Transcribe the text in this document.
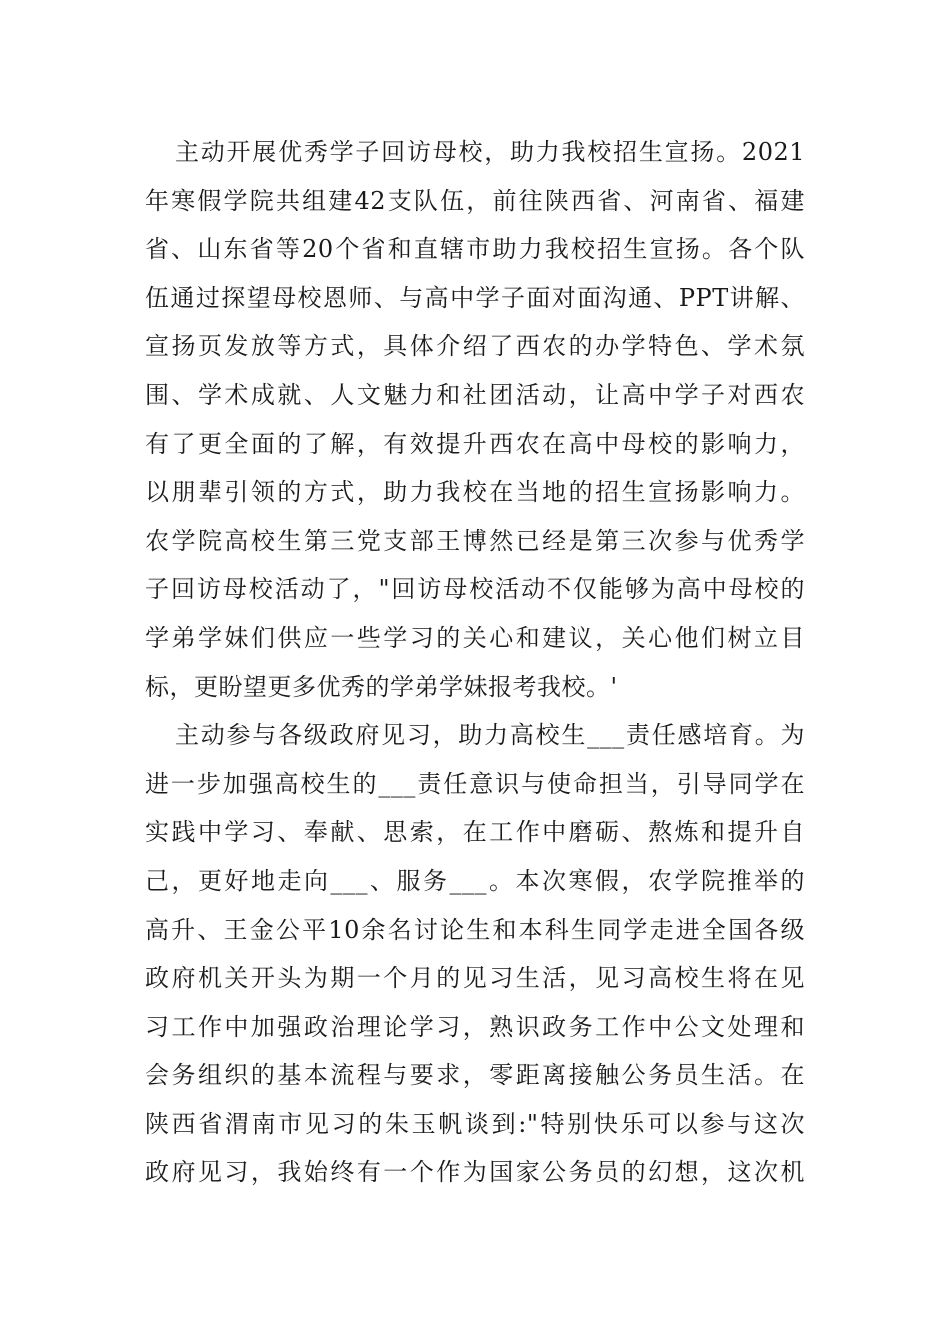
主动开展优秀学子回访母校，助力我校招生宣扬。2021
年寒假学院共组建42支队伍，前往陕西省、河南省、福建
省、山东省等20个省和直辖市助力我校招生宣扬。各个队
伍通过探望母校恩师、与高中学子面对面沟通、PPT讲解、
宣扬页发放等方式，具体介绍了西农的办学特色、学术氛
围、学术成就、人文魅力和社团活动，让高中学子对西农
有了更全面的了解，有效提升西农在高中母校的影响力，
以朋辈引领的方式，助力我校在当地的招生宣扬影响力。
农学院高校生第三党支部王博然已经是第三次参与优秀学
子回访母校活动了，"回访母校活动不仅能够为高中母校的
学弟学妹们供应一些学习的关心和建议，关心他们树立目
标，更盼望更多优秀的学弟学妹报考我校。'
主动参与各级政府见习，助力高校生___责任感培育。为
进一步加强高校生的___责任意识与使命担当，引导同学在
实践中学习、奉献、思索，在工作中磨砺、熬炼和提升自
己，更好地走向___、服务___。本次寒假，农学院推举的
高升、王金公平10余名讨论生和本科生同学走进全国各级
政府机关开头为期一个月的见习生活，见习高校生将在见
习工作中加强政治理论学习，熟识政务工作中公文处理和
会务组织的基本流程与要求，零距离接触公务员生活。在
陕西省渭南市见习的朱玉帆谈到:"特别快乐可以参与这次
政府见习，我始终有一个作为国家公务员的幻想，这次机
